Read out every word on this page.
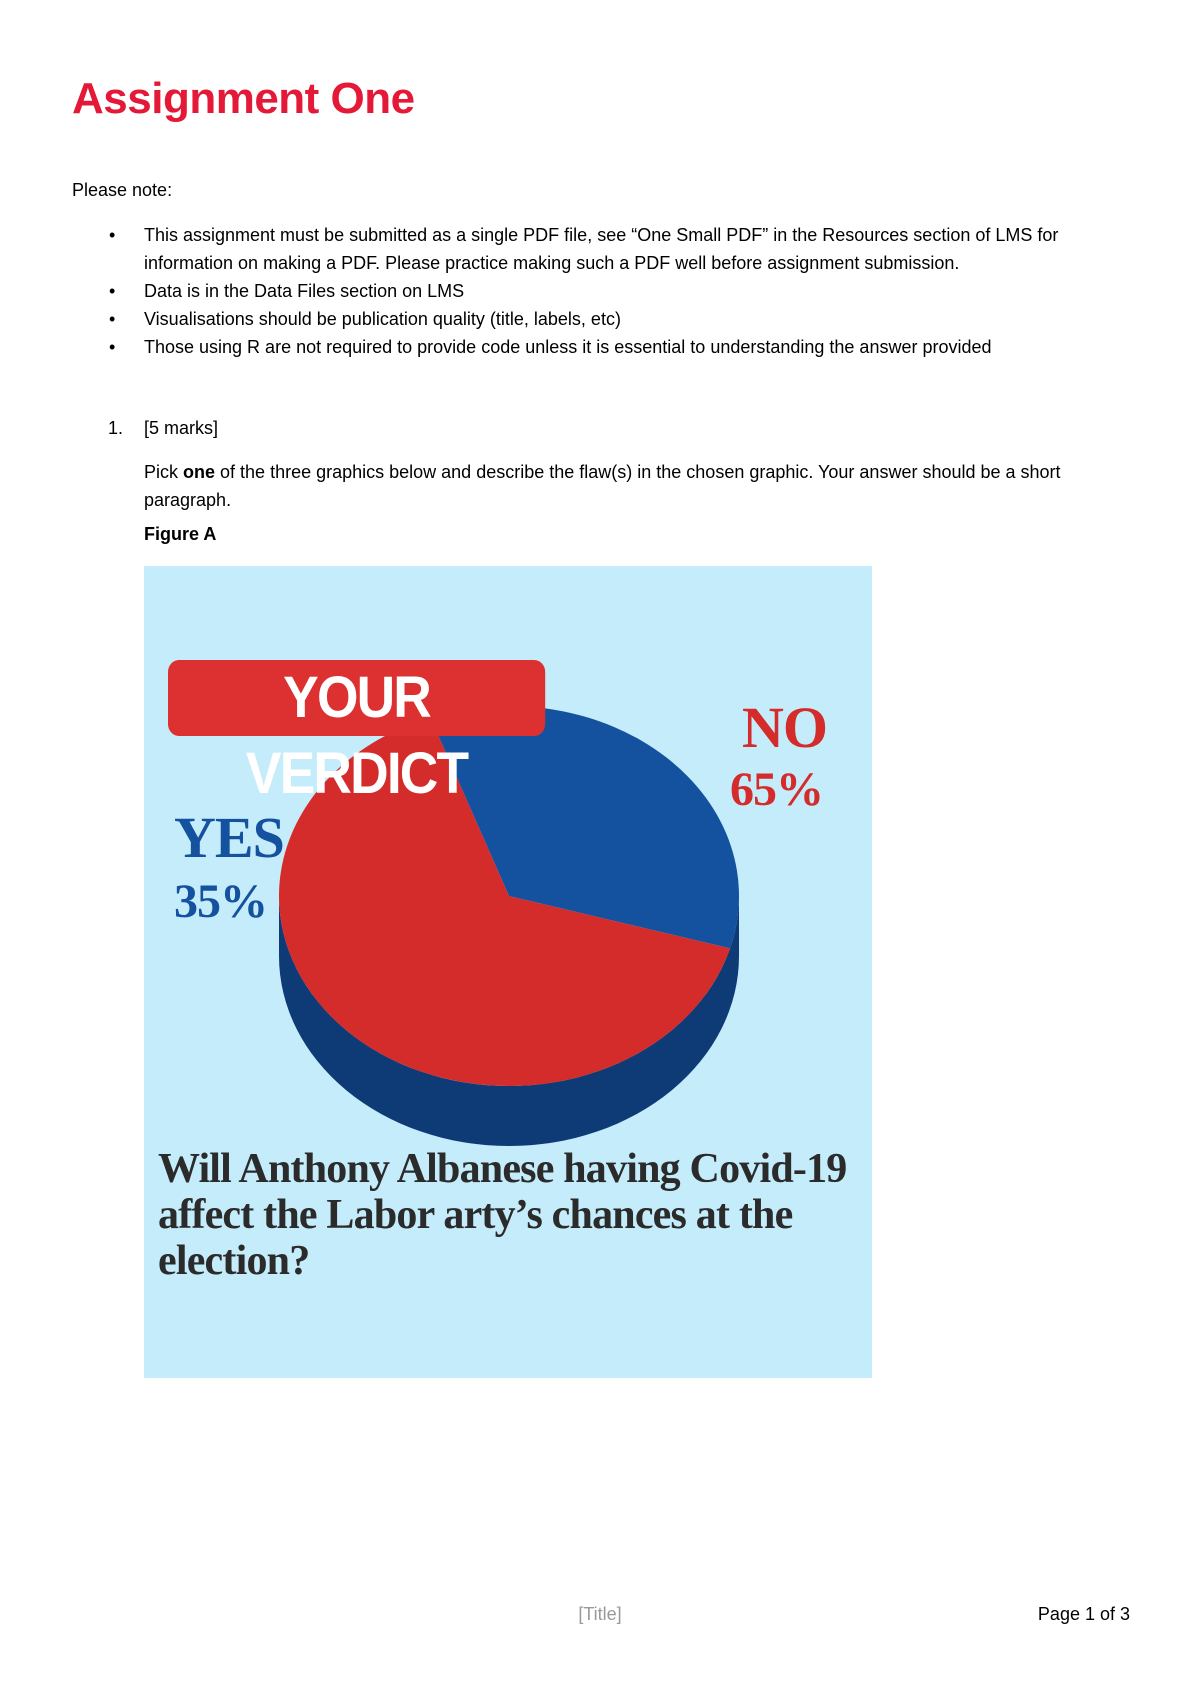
Assignment One
Please note:
• This assignment must be submitted as a single PDF file, see “One Small PDF” in the Resources section of LMS for information on making a PDF. Please practice making such a PDF well before assignment submission.
• Data is in the Data Files section on LMS
• Visualisations should be publication quality (title, labels, etc)
• Those using R are not required to provide code unless it is essential to understanding the answer provided
1. [5 marks]

Pick one of the three graphics below and describe the flaw(s) in the chosen graphic. Your answer should be a short paragraph.

Figure A
YOUR VERDICT
YES
35%
NO
65%

Will Anthony Albanese having Covid-19 affect the Labor arty’s chances at the election?

[Title]	Page 1 of 3
